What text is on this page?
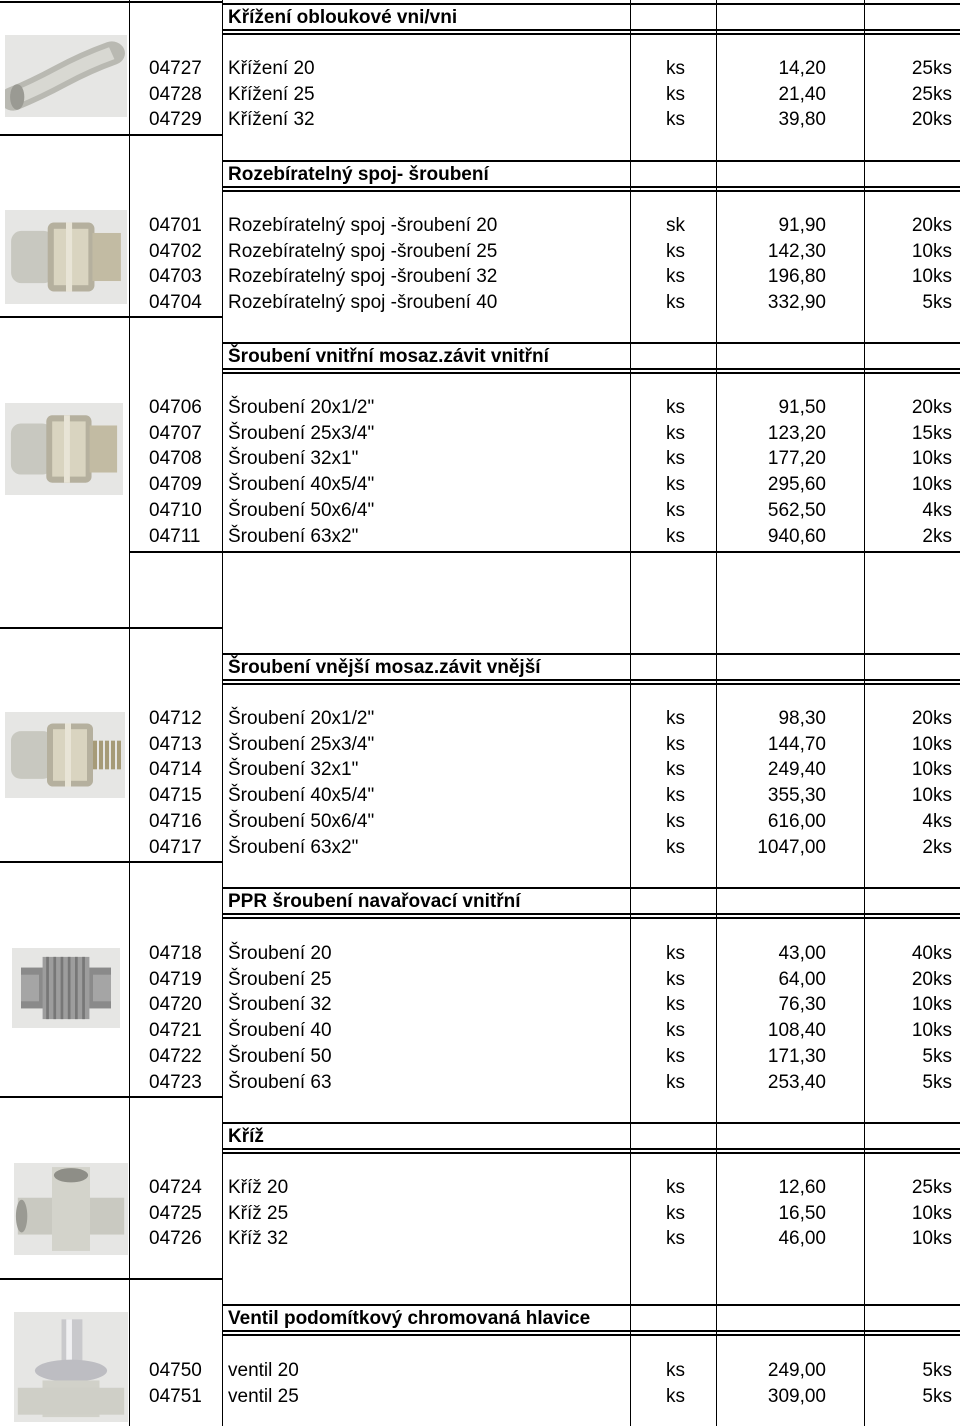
Křížení obloukové vni/vni
04727	Křížení 20	ks	14,20	25ks
04728	Křížení 25	ks	21,40	25ks
04729	Křížení 32	ks	39,80	20ks
Rozebíratelný spoj- šroubení
04701	Rozebíratelný spoj -šroubení 20	sk	91,90	20ks
04702	Rozebíratelný spoj -šroubení 25	ks	142,30	10ks
04703	Rozebíratelný spoj -šroubení 32	ks	196,80	10ks
04704	Rozebíratelný spoj -šroubení 40	ks	332,90	5ks
Šroubení vnitřní mosaz.závit vnitřní
04706	Šroubení 20x1/2"	ks	91,50	20ks
04707	Šroubení 25x3/4"	ks	123,20	15ks
04708	Šroubení 32x1"	ks	177,20	10ks
04709	Šroubení 40x5/4"	ks	295,60	10ks
04710	Šroubení 50x6/4"	ks	562,50	4ks
04711	Šroubení 63x2"	ks	940,60	2ks
Šroubení vnější mosaz.závit vnější
04712	Šroubení 20x1/2"	ks	98,30	20ks
04713	Šroubení 25x3/4"	ks	144,70	10ks
04714	Šroubení 32x1"	ks	249,40	10ks
04715	Šroubení 40x5/4"	ks	355,30	10ks
04716	Šroubení 50x6/4"	ks	616,00	4ks
04717	Šroubení 63x2"	ks	1047,00	2ks
PPR šroubení navařovací vnitřní
04718	Šroubení 20	ks	43,00	40ks
04719	Šroubení 25	ks	64,00	20ks
04720	Šroubení 32	ks	76,30	10ks
04721	Šroubení 40	ks	108,40	10ks
04722	Šroubení 50	ks	171,30	5ks
04723	Šroubení 63	ks	253,40	5ks
Kříž
04724	Kříž 20	ks	12,60	25ks
04725	Kříž 25	ks	16,50	10ks
04726	Kříž 32	ks	46,00	10ks
Ventil podomítkový chromovaná hlavice
04750	ventil 20	ks	249,00	5ks
04751	ventil 25	ks	309,00	5ks
